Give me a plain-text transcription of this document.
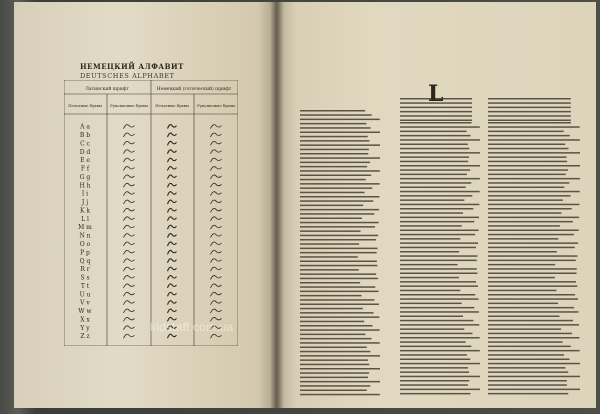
НЕМЕЦКИЙ АЛФАВИТ
DEUTSCHES ALPHABET
Латинский шрифт	Немецкий (готический) шрифт
Печатные буквы Рукописные буквы Печатные буквы Рукописные буквы
A a
B b
C c
D d
E e
F f
G g
H h
I i
J j
K k
L l
M m
N n
O o
P p
Q q
R r
S s
T t
U u
V v
W w
X x
Y y
Z z
L
kidstaff.com.ua
